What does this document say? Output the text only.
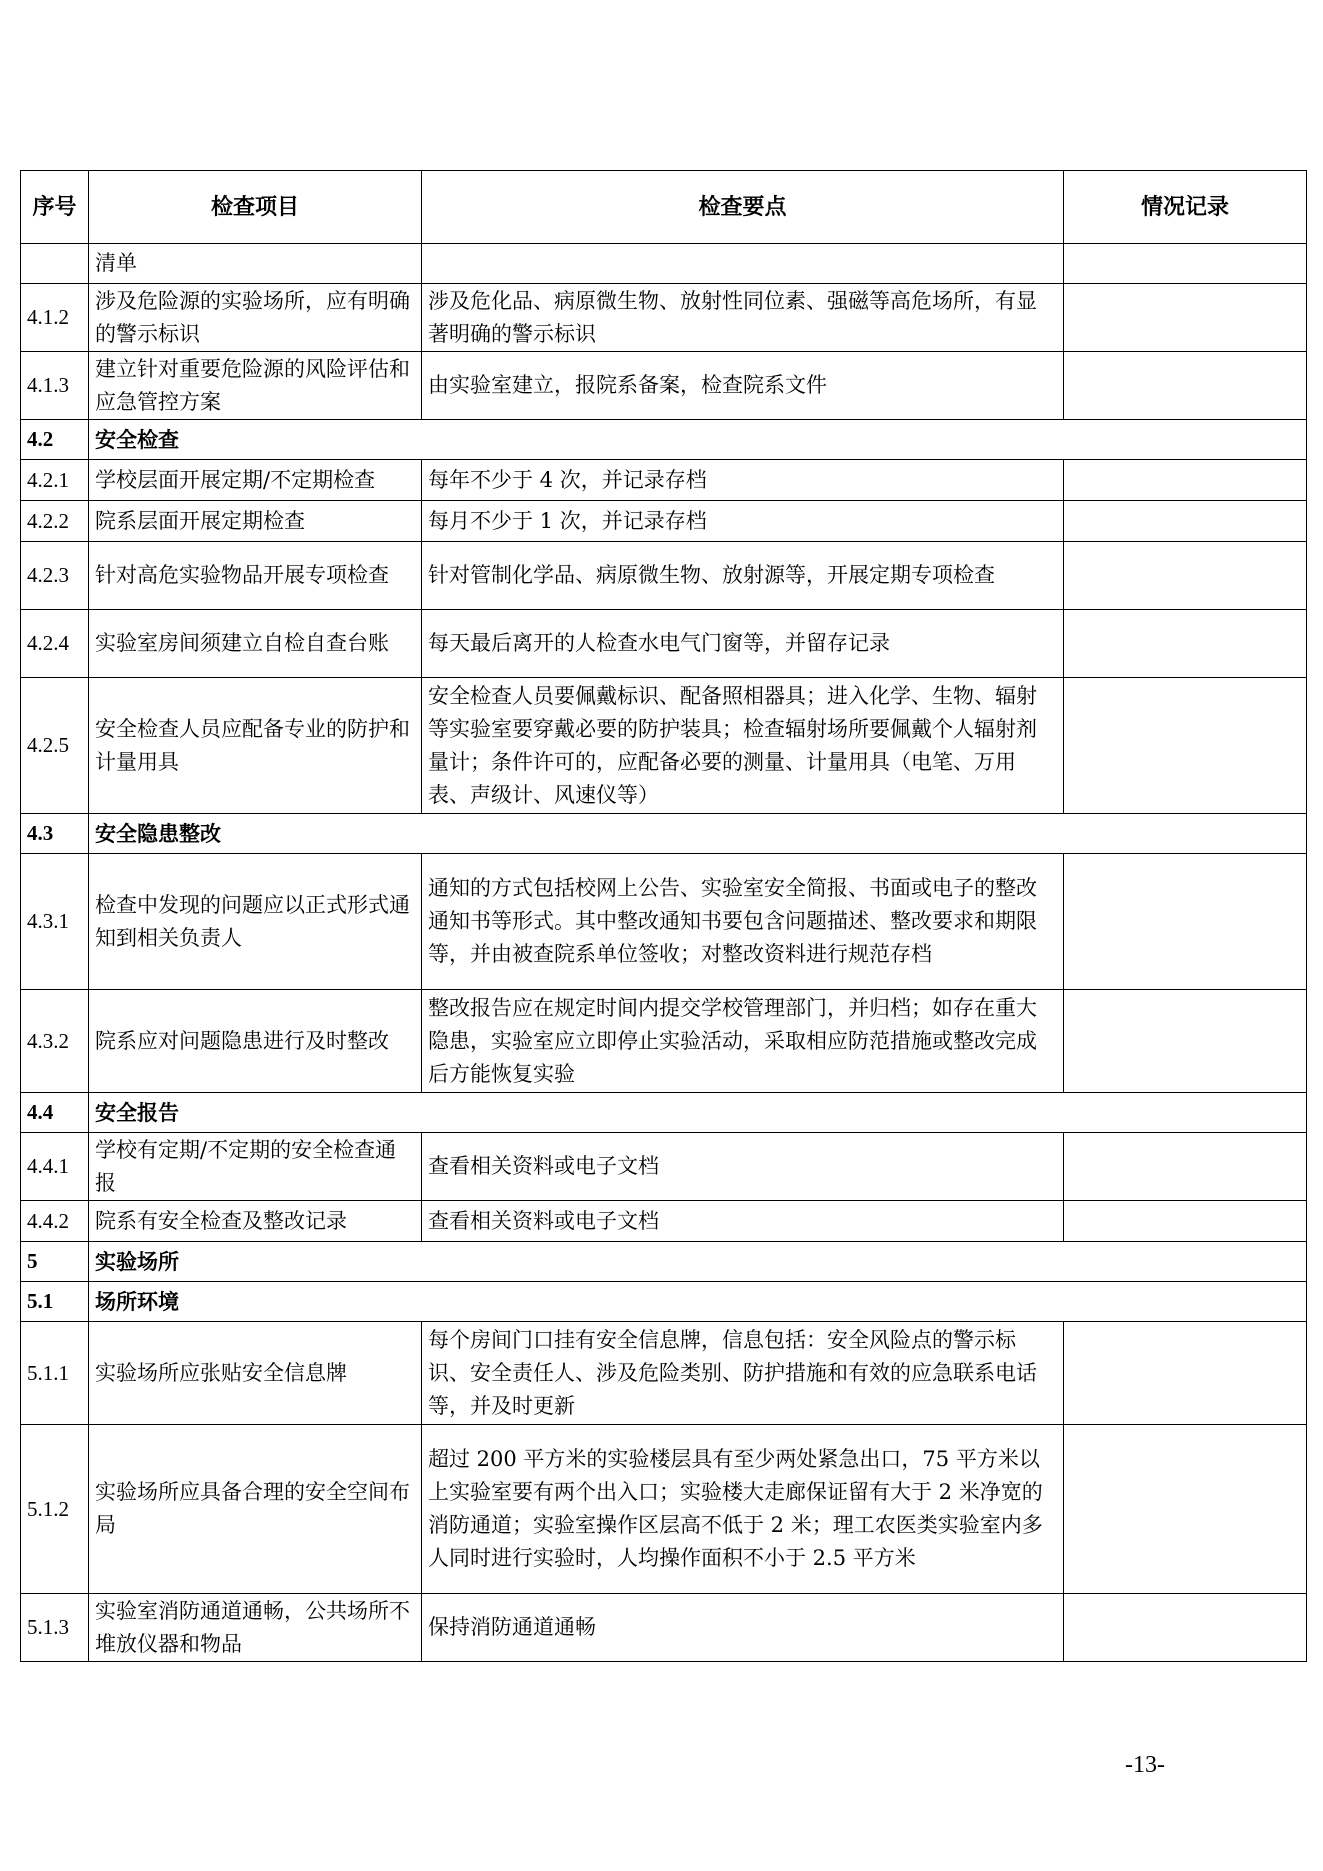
序号	检查项目	检查要点	情况记录
	清单		
4.1.2	涉及危险源的实验场所，应有明确的警示标识	涉及危化品、病原微生物、放射性同位素、强磁等高危场所，有显著明确的警示标识	
4.1.3	建立针对重要危险源的风险评估和应急管控方案	由实验室建立，报院系备案，检查院系文件	
4.2	安全检查		
4.2.1	学校层面开展定期/不定期检查	每年不少于 4 次，并记录存档	
4.2.2	院系层面开展定期检查	每月不少于 1 次，并记录存档	
4.2.3	针对高危实验物品开展专项检查	针对管制化学品、病原微生物、放射源等，开展定期专项检查	
4.2.4	实验室房间须建立自检自查台账	每天最后离开的人检查水电气门窗等，并留存记录	
4.2.5	安全检查人员应配备专业的防护和计量用具	安全检查人员要佩戴标识、配备照相器具；进入化学、生物、辐射等实验室要穿戴必要的防护装具；检查辐射场所要佩戴个人辐射剂量计；条件许可的，应配备必要的测量、计量用具（电笔、万用表、声级计、风速仪等）	
4.3	安全隐患整改		
4.3.1	检查中发现的问题应以正式形式通知到相关负责人	通知的方式包括校网上公告、实验室安全简报、书面或电子的整改通知书等形式。其中整改通知书要包含问题描述、整改要求和期限等，并由被查院系单位签收；对整改资料进行规范存档	
4.3.2	院系应对问题隐患进行及时整改	整改报告应在规定时间内提交学校管理部门，并归档；如存在重大隐患，实验室应立即停止实验活动，采取相应防范措施或整改完成后方能恢复实验	
4.4	安全报告		
4.4.1	学校有定期/不定期的安全检查通报	查看相关资料或电子文档	
4.4.2	院系有安全检查及整改记录	查看相关资料或电子文档	
5	实验场所		
5.1	场所环境		
5.1.1	实验场所应张贴安全信息牌	每个房间门口挂有安全信息牌，信息包括：安全风险点的警示标识、安全责任人、涉及危险类别、防护措施和有效的应急联系电话等，并及时更新	
5.1.2	实验场所应具备合理的安全空间布局	超过 200 平方米的实验楼层具有至少两处紧急出口，75 平方米以上实验室要有两个出入口；实验楼大走廊保证留有大于 2 米净宽的消防通道；实验室操作区层高不低于 2 米；理工农医类实验室内多人同时进行实验时，人均操作面积不小于 2.5 平方米	
5.1.3	实验室消防通道通畅，公共场所不堆放仪器和物品	保持消防通道通畅	
-13-
